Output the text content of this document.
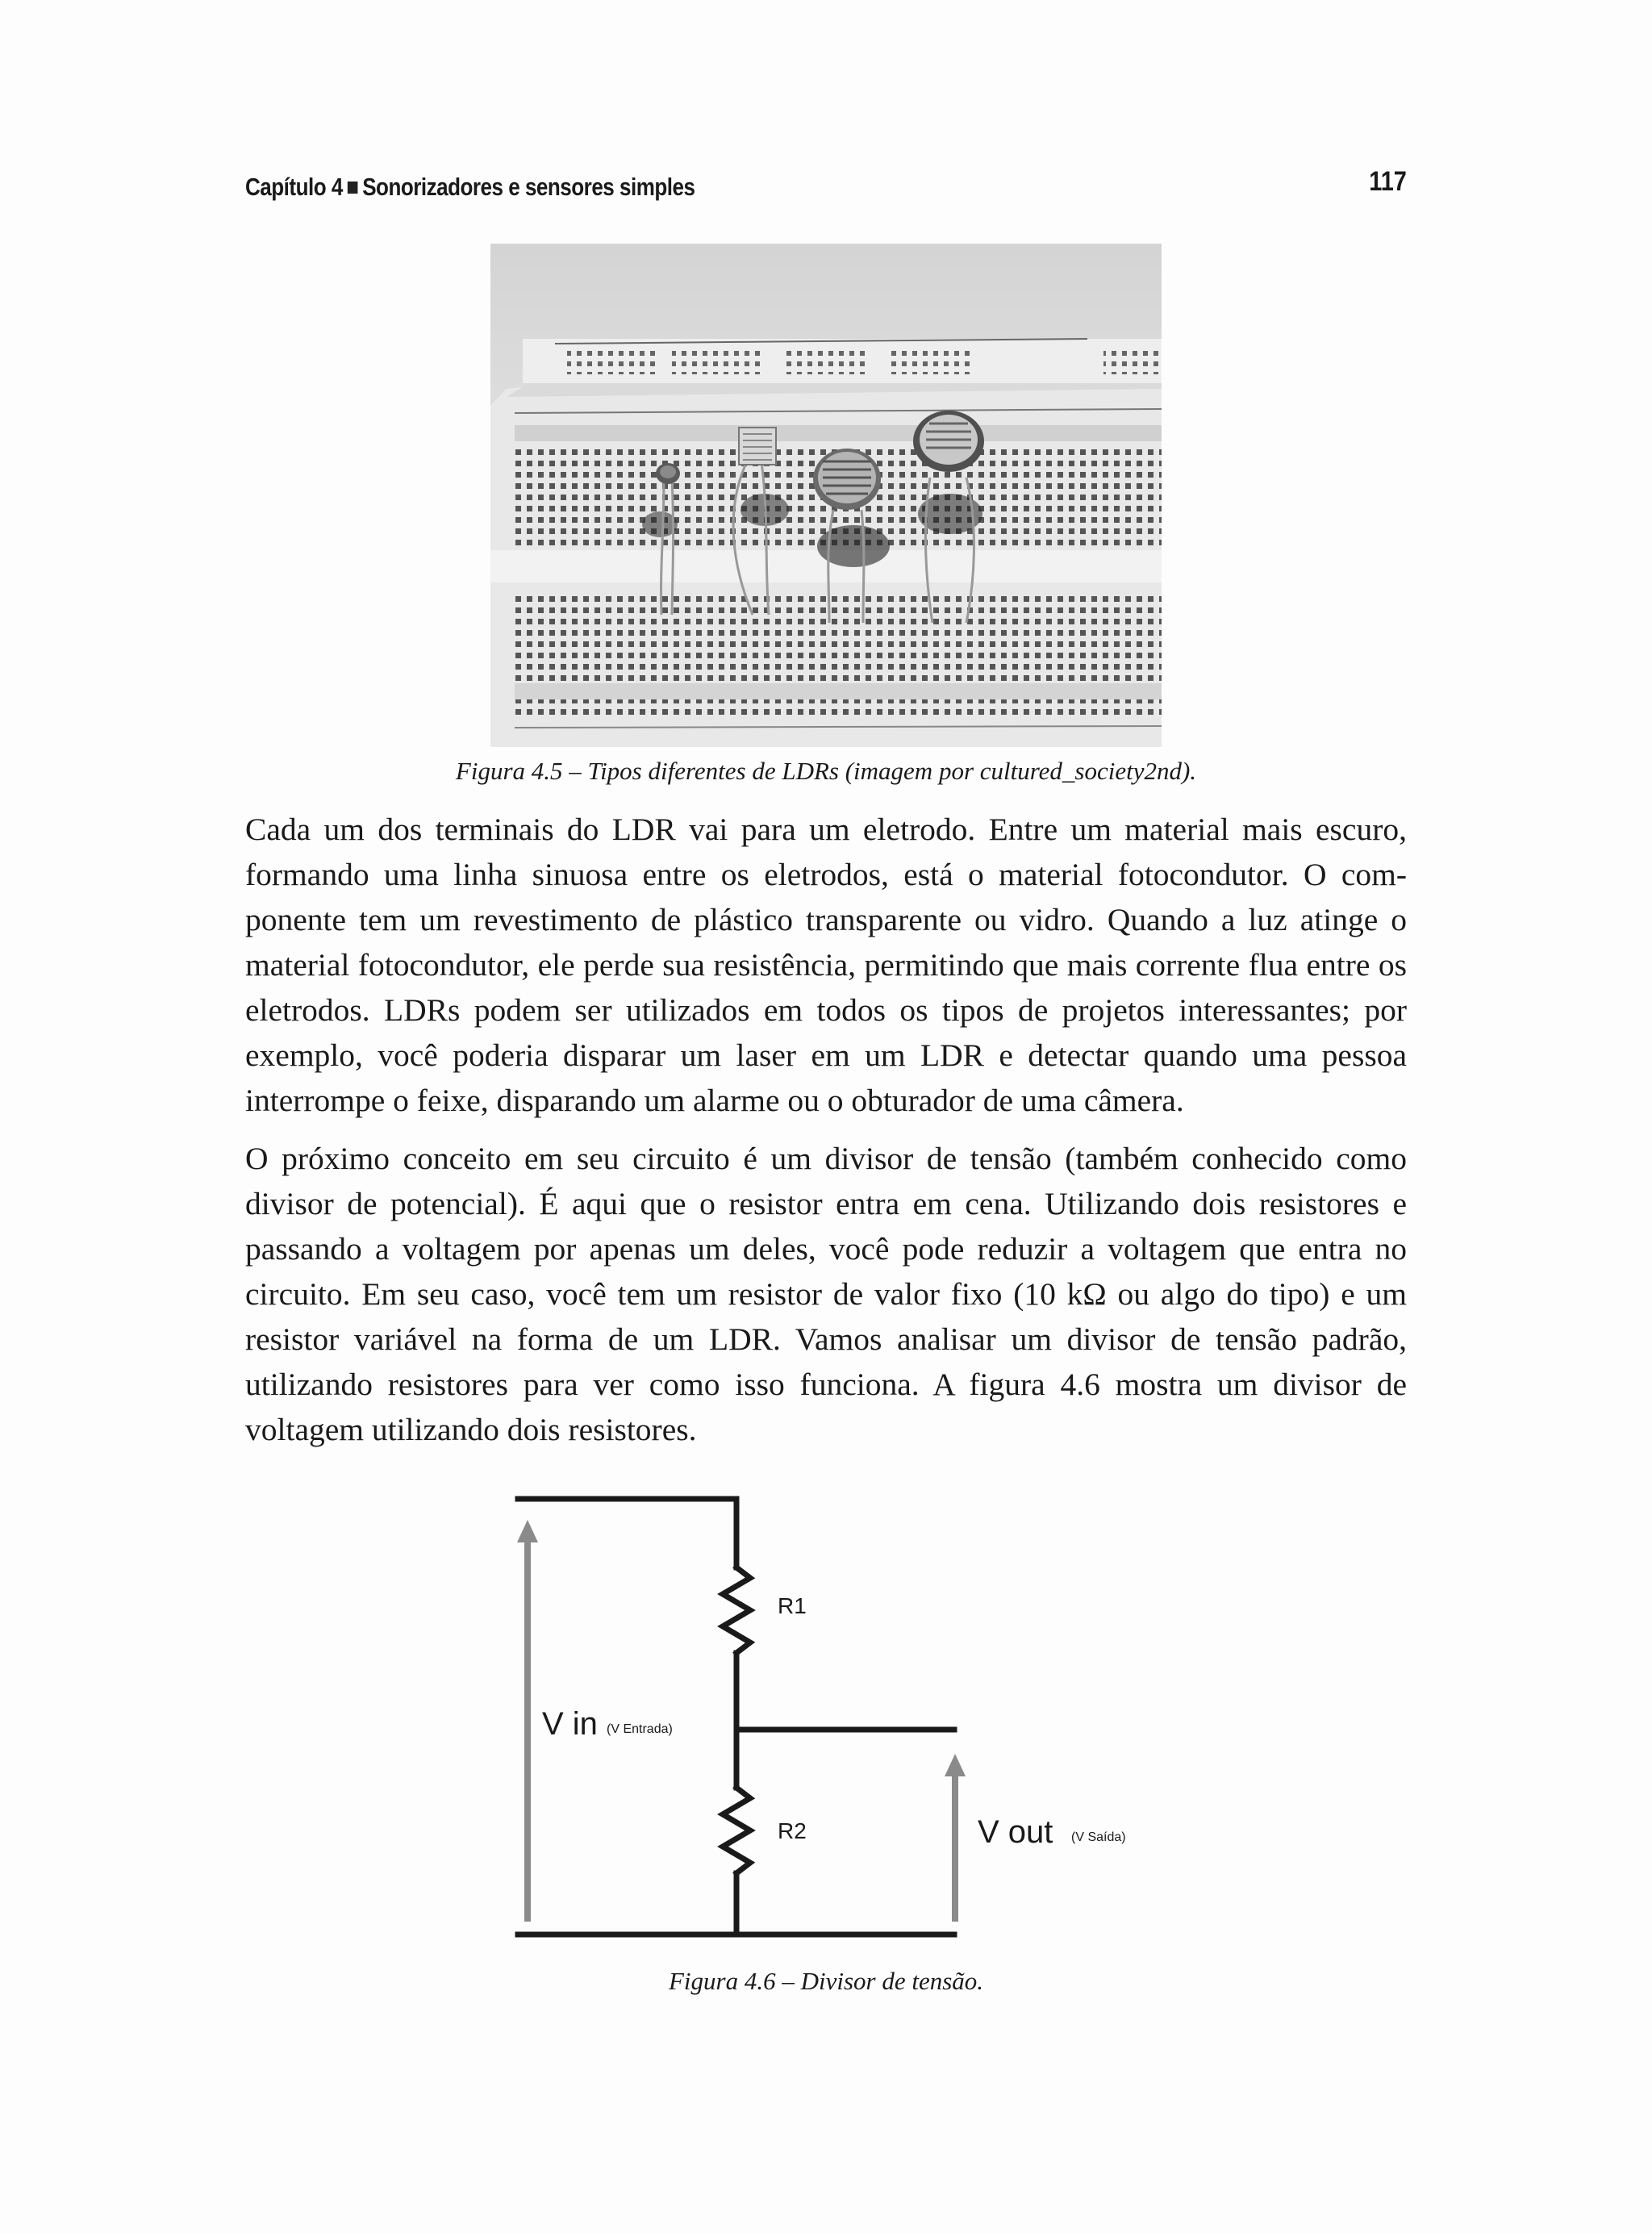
Capítulo 4 Sonorizadores e sensores simples	117
Figura 4.5 – Tipos diferentes de LDRs (imagem por cultured_society2nd).

Cada um dos terminais do LDR vai para um eletrodo. Entre um material mais escuro, formando uma linha sinuosa entre os eletrodos, está o material fotocondutor. O componente tem um revestimento de plástico transparente ou vidro. Quando a luz atinge o material fotocondutor, ele perde sua resistência, permitindo que mais corrente flua entre os eletrodos. LDRs podem ser utilizados em todos os tipos de projetos interessantes; por exemplo, você poderia disparar um laser em um LDR e detectar quando uma pessoa interrompe o feixe, disparando um alarme ou o obturador de uma câmera.

O próximo conceito em seu circuito é um divisor de tensão (também conhecido como divisor de potencial). É aqui que o resistor entra em cena. Utilizando dois resistores e passando a voltagem por apenas um deles, você pode reduzir a voltagem que entra no circuito. Em seu caso, você tem um resistor de valor fixo (10 kΩ ou algo do tipo) e um resistor variável na forma de um LDR. Vamos analisar um divisor de tensão padrão, utilizando resistores para ver como isso funciona. A figura 4.6 mostra um divisor de voltagem utilizando dois resistores.

R1
R2
V in (V Entrada)
V out (V Saída)
Figura 4.6 – Divisor de tensão.
